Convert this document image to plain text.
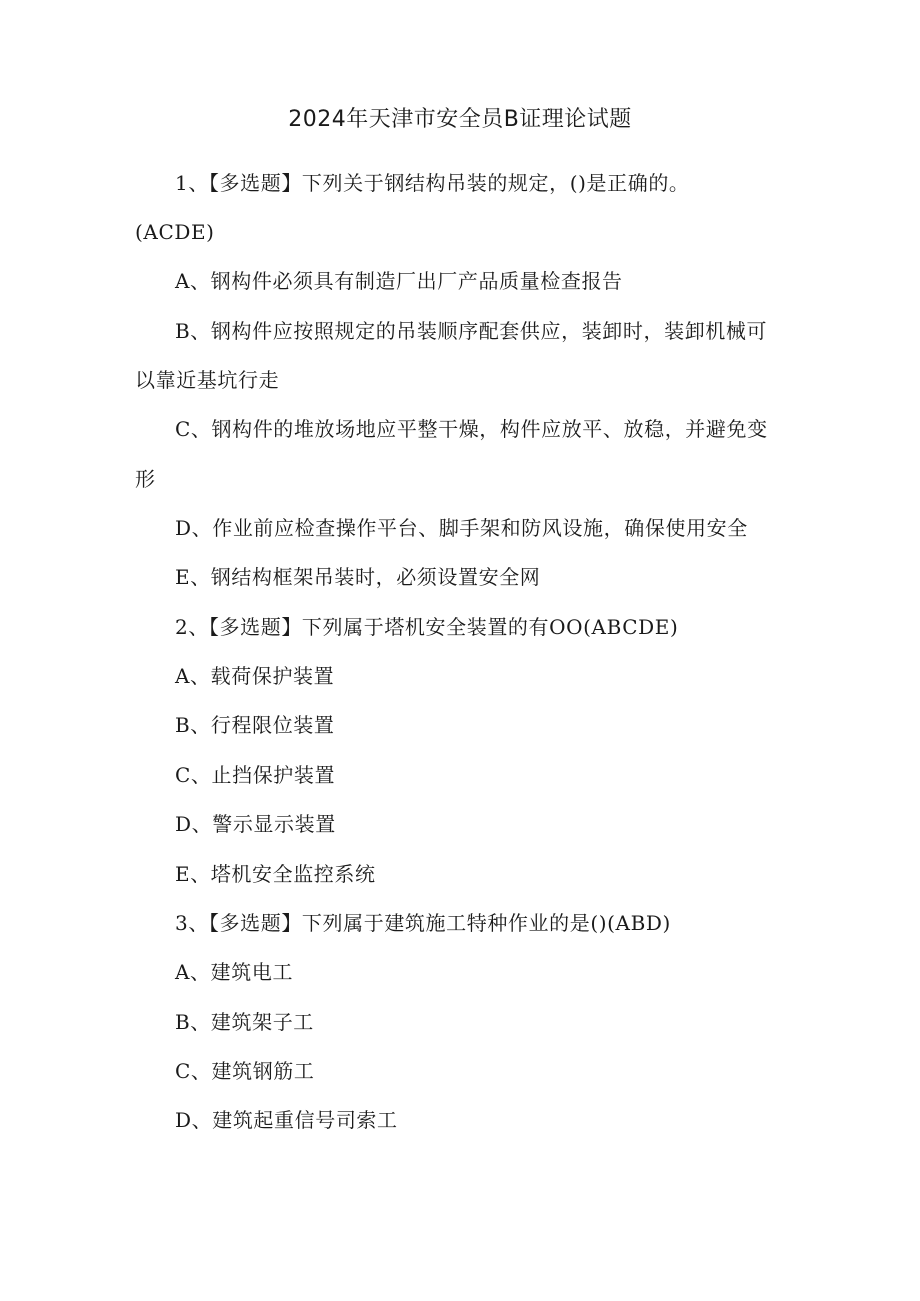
2024年天津市安全员B证理论试题
1、【多选题】下列关于钢结构吊装的规定，()是正确的。
(ACDE)
A、钢构件必须具有制造厂出厂产品质量检查报告
B、钢构件应按照规定的吊装顺序配套供应，装卸时，装卸机械可
以靠近基坑行走
C、钢构件的堆放场地应平整干燥，构件应放平、放稳，并避免变
形
D、作业前应检查操作平台、脚手架和防风设施，确保使用安全
E、钢结构框架吊装时，必须设置安全网
2、【多选题】下列属于塔机安全装置的有OO(ABCDE)
A、载荷保护装置
B、行程限位装置
C、止挡保护装置
D、警示显示装置
E、塔机安全监控系统
3、【多选题】下列属于建筑施工特种作业的是()(ABD)
A、建筑电工
B、建筑架子工
C、建筑钢筋工
D、建筑起重信号司索工
